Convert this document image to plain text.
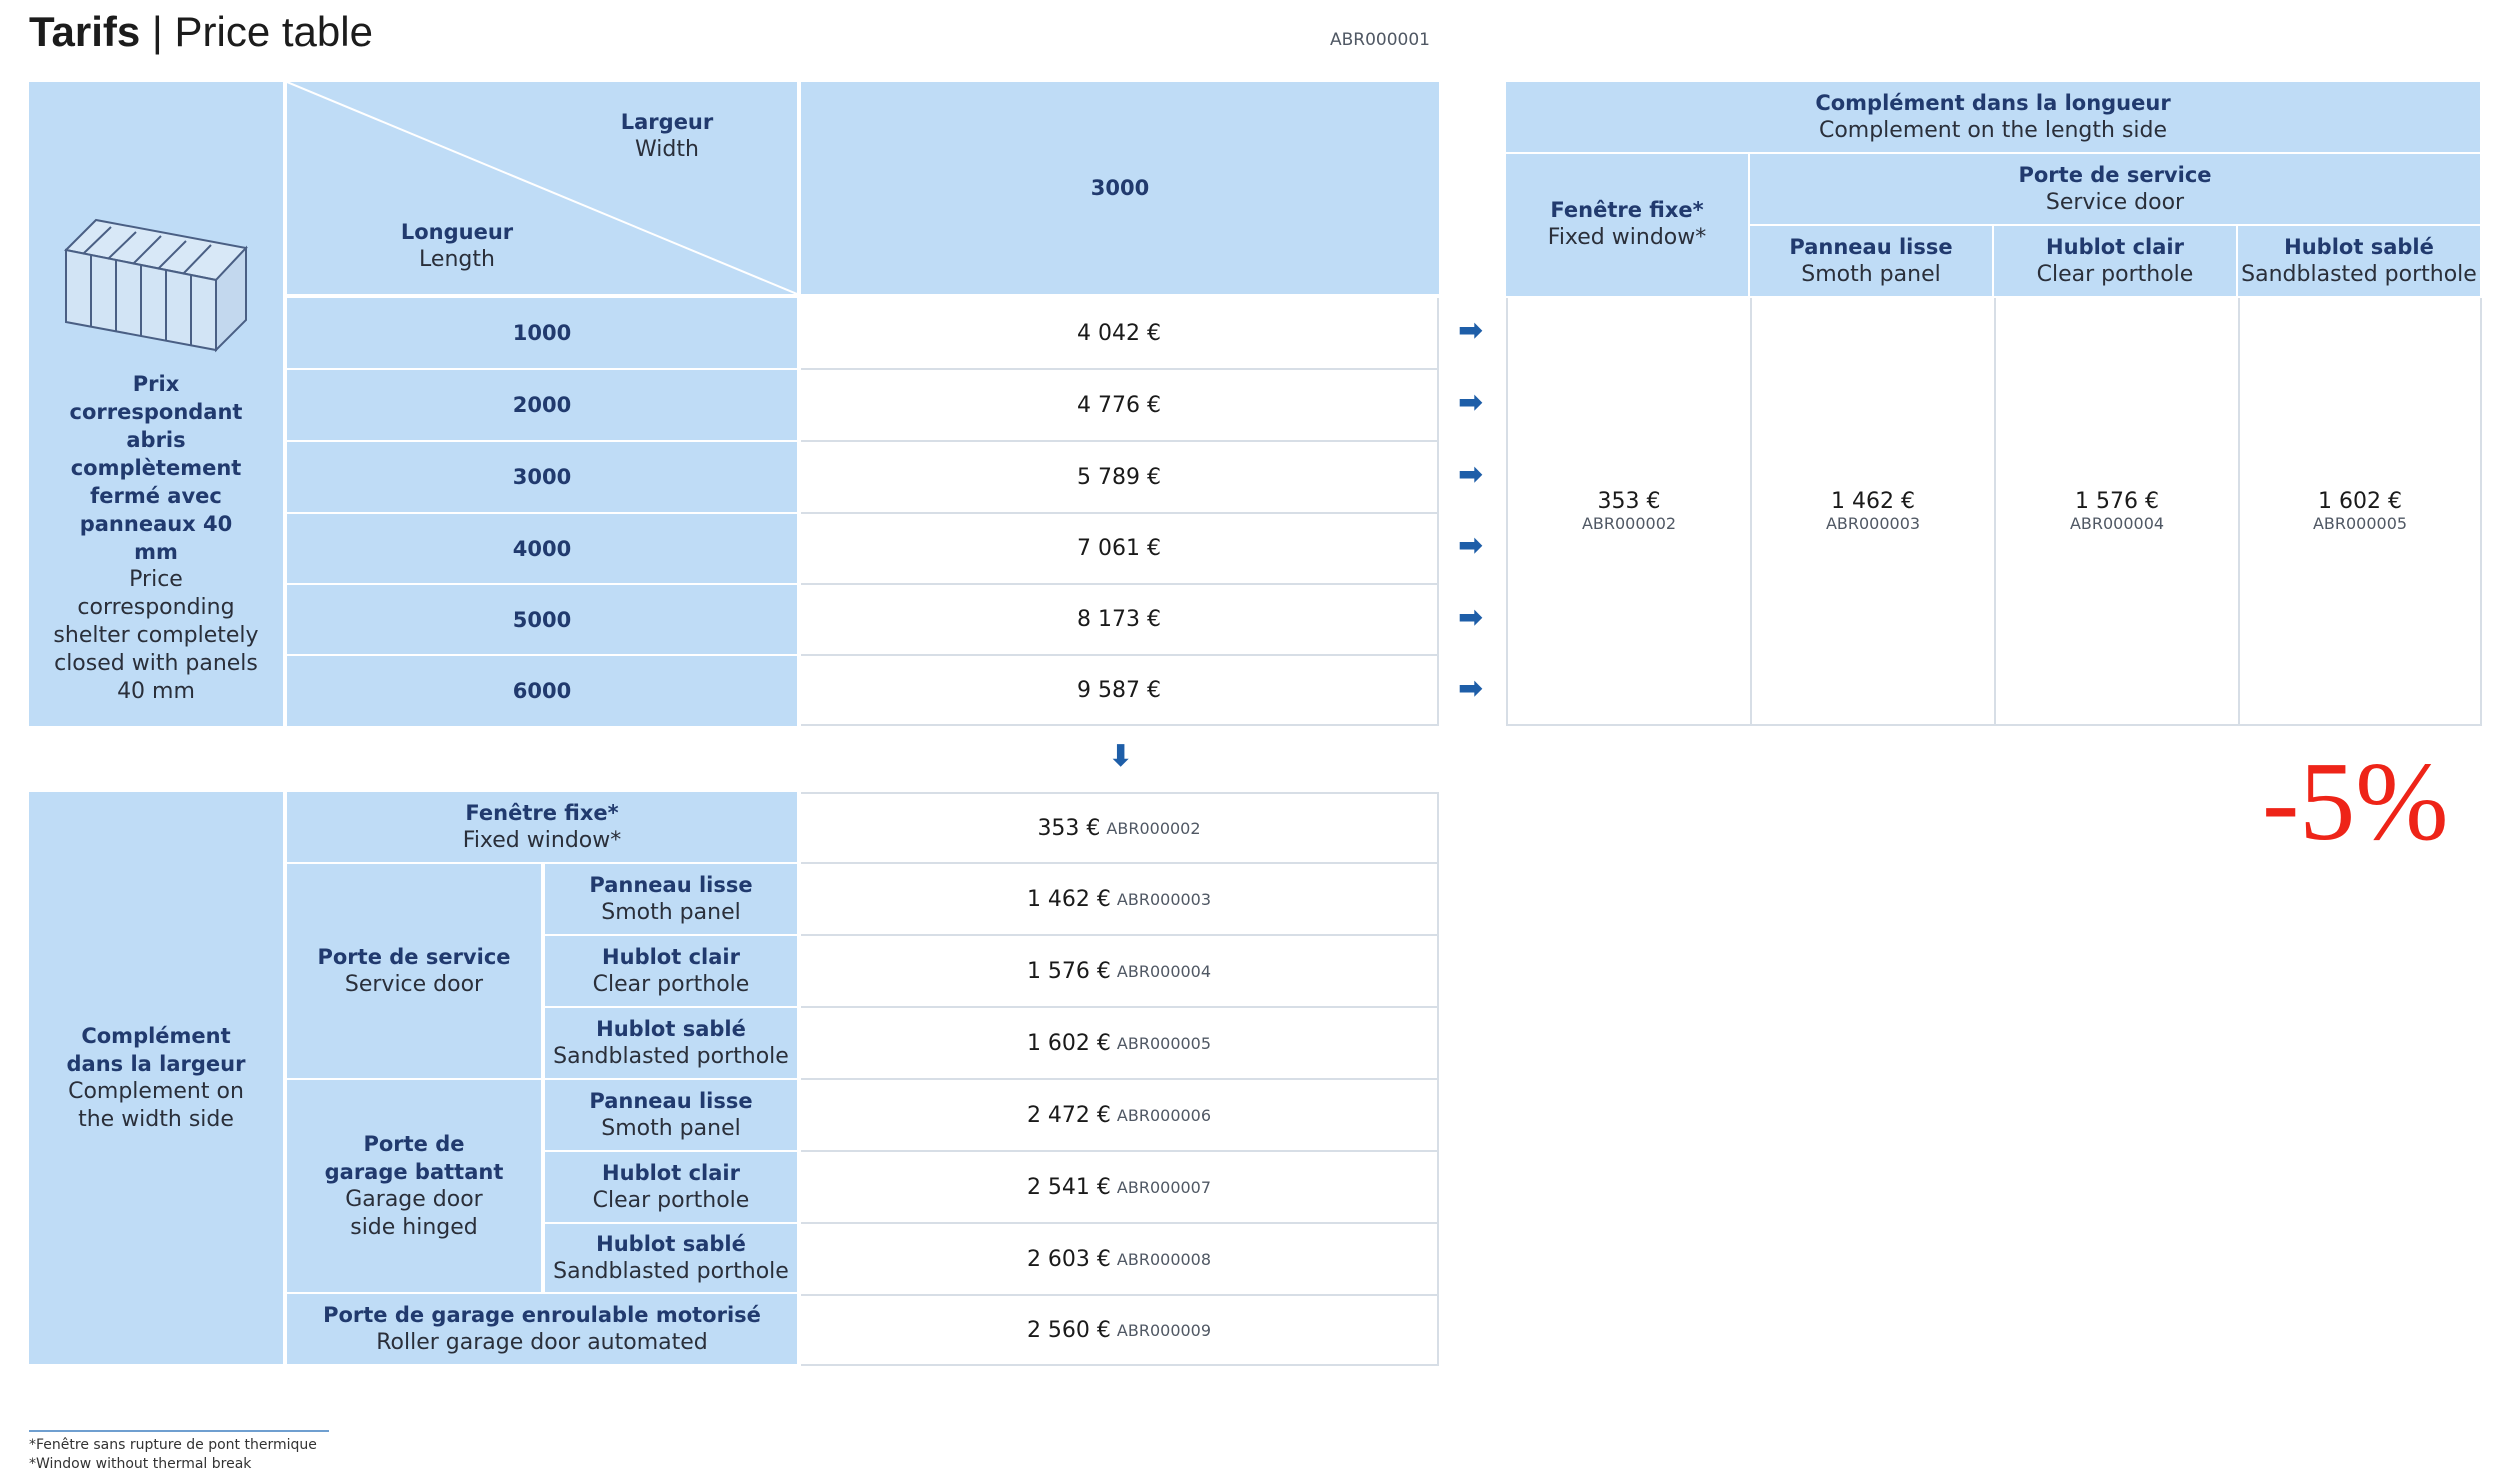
Tarifs | Price table	ABR000001
Prix correspondant abris complètement fermé avec panneaux 40 mm
Price corresponding shelter completely closed with panels 40 mm
Largeur
Width
Longueur
Length
3000
1000
2000
3000
4000
5000
6000
4 042 €
4 776 €
5 789 €
7 061 €
8 173 €
9 587 €
➡
➡
➡
➡
➡
➡
⬇
Complément dans la longueur
Complement on the length side
Fenêtre fixe*
Fixed window*
Porte de service
Service door
Panneau lisse
Smoth panel
Hublot clair
Clear porthole
Hublot sablé
Sandblasted porthole
353 €
ABR000002
1 462 €
ABR000003
1 576 €
ABR000004
1 602 €
ABR000005
-5%
Complément dans la largeur
Complement on the width side
Fenêtre fixe*
Fixed window*
Porte de service
Service door
Panneau lisse
Smoth panel
Hublot clair
Clear porthole
Hublot sablé
Sandblasted porthole
Porte de garage battant
Garage door side hinged
Panneau lisse
Smoth panel
Hublot clair
Clear porthole
Hublot sablé
Sandblasted porthole
Porte de garage enroulable motorisé
Roller garage door automated
353 € ABR000002
1 462 € ABR000003
1 576 € ABR000004
1 602 € ABR000005
2 472 € ABR000006
2 541 € ABR000007
2 603 € ABR000008
2 560 € ABR000009
*Fenêtre sans rupture de pont thermique
*Window without thermal break
